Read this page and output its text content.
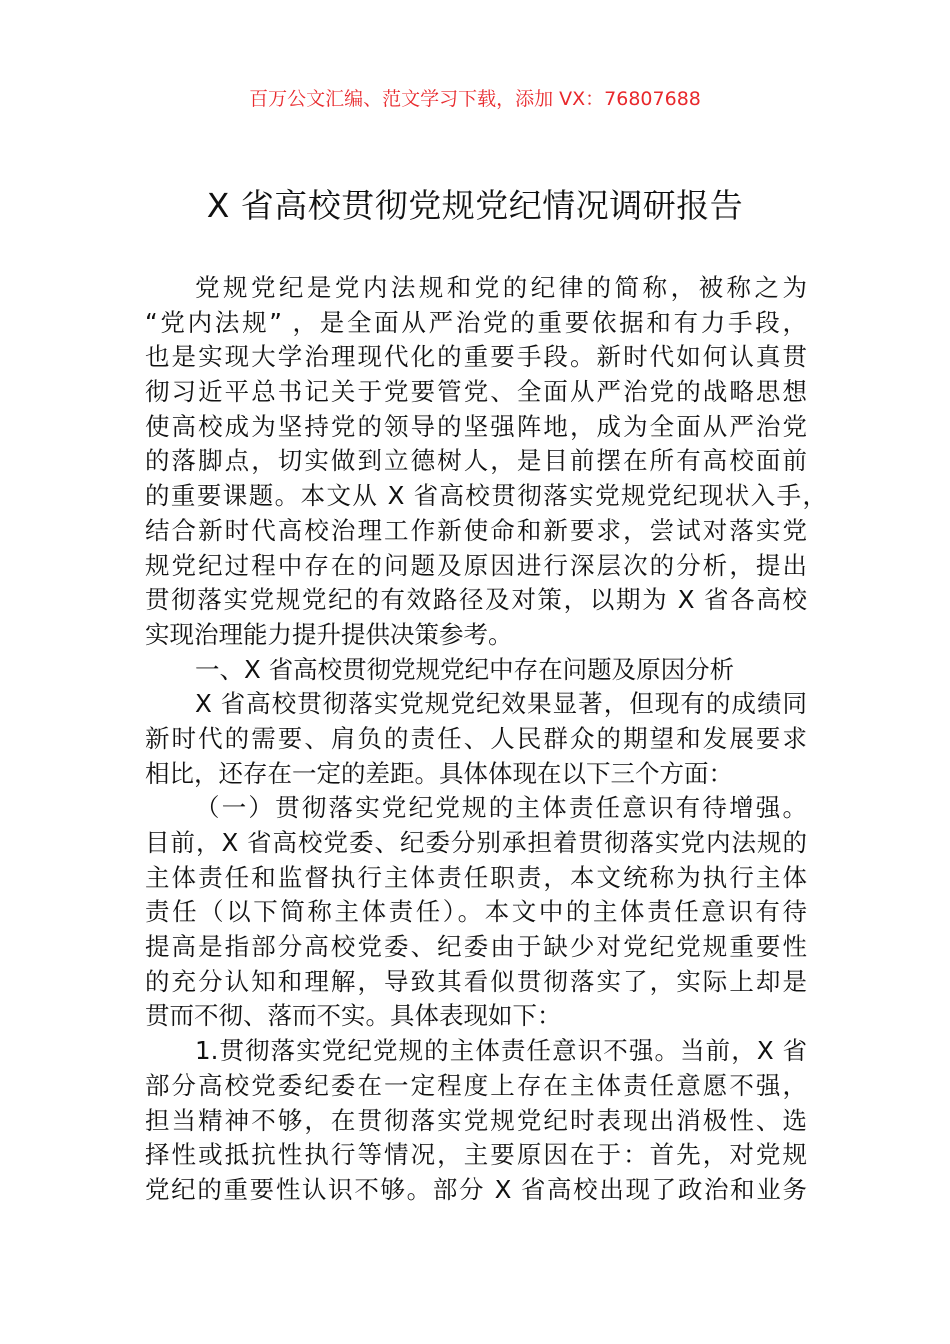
百万公文汇编、范文学习下载，添加 VX：76807688
X 省高校贯彻党规党纪情况调研报告
党规党纪是党内法规和党的纪律的简称，被称之为
“党内法规” ，是全面从严治党的重要依据和有力手段，
也是实现大学治理现代化的重要手段。新时代如何认真贯
彻习近平总书记关于党要管党、全面从严治党的战略思想
使高校成为坚持党的领导的坚强阵地，成为全面从严治党
的落脚点，切实做到立德树人，是目前摆在所有高校面前
的重要课题。本文从 X 省高校贯彻落实党规党纪现状入手，
结合新时代高校治理工作新使命和新要求，尝试对落实党
规党纪过程中存在的问题及原因进行深层次的分析，提出
贯彻落实党规党纪的有效路径及对策，以期为 X 省各高校
实现治理能力提升提供决策参考。
一、X 省高校贯彻党规党纪中存在问题及原因分析
X 省高校贯彻落实党规党纪效果显著，但现有的成绩同
新时代的需要、肩负的责任、人民群众的期望和发展要求
相比，还存在一定的差距。具体体现在以下三个方面：
（一）贯彻落实党纪党规的主体责任意识有待增强。
目前，X 省高校党委、纪委分别承担着贯彻落实党内法规的
主体责任和监督执行主体责任职责，本文统称为执行主体
责任（以下简称主体责任）。本文中的主体责任意识有待
提高是指部分高校党委、纪委由于缺少对党纪党规重要性
的充分认知和理解，导致其看似贯彻落实了，实际上却是
贯而不彻、落而不实。具体表现如下：
1.贯彻落实党纪党规的主体责任意识不强。当前，X 省
部分高校党委纪委在一定程度上存在主体责任意愿不强，
担当精神不够，在贯彻落实党规党纪时表现出消极性、选
择性或抵抗性执行等情况，主要原因在于：首先，对党规
党纪的重要性认识不够。部分 X 省高校出现了政治和业务
